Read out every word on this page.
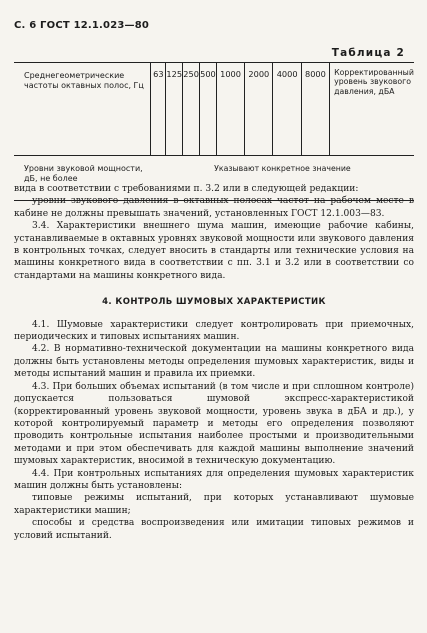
С. 6 ГОСТ 12.1.023—80
Таблица 2
Среднегеометрические частоты октавных полос, Гц	63	125	250	500	1000	2000	4000	8000	Корректированный уровень звукового давления, дБА
Уровни звуковой мощности, дБ, не более	Указывают конкретное значение								

вида в соответствии с требованиями п. 3.2 или в следующей редакции:

уровни звукового давления в октавных полосах частот на рабочем месте в кабине не должны превышать значений, установленных ГОСТ 12.1.003—83.

3.4. Характеристики внешнего шума машин, имеющие рабочие кабины, устанавливаемые в октавных уровнях звуковой мощности или звукового давления в контрольных точках, следует вносить в стандарты или технические условия на машины конкретного вида в соответствии с пп. 3.1 и 3.2 или в соответствии со стандартами на машины конкретного вида.

4. КОНТРОЛЬ ШУМОВЫХ ХАРАКТЕРИСТИК

4.1. Шумовые характеристики следует контролировать при приемочных, периодических и типовых испытаниях машин.

4.2. В нормативно-технической документации на машины конкретного вида должны быть установлены методы определения шумовых характеристик, виды и методы испытаний машин и правила их приемки.

4.3. При больших объемах испытаний (в том числе и при сплошном контроле) допускается пользоваться шумовой экспресс-характеристикой (корректированный уровень звуковой мощности, уровень звука в дБА и др.), у которой контролируемый параметр и методы его определения позволяют проводить контрольные испытания наиболее простыми и производительными методами и при этом обеспечивать для каждой машины выполнение значений шумовых характеристик, вносимой в техническую документацию.

4.4. При контрольных испытаниях для определения шумовых характеристик машин должны быть установлены:

типовые режимы испытаний, при которых устанавливают шумовые характеристики машин;

способы и средства воспроизведения или имитации типовых режимов и условий испытаний.
